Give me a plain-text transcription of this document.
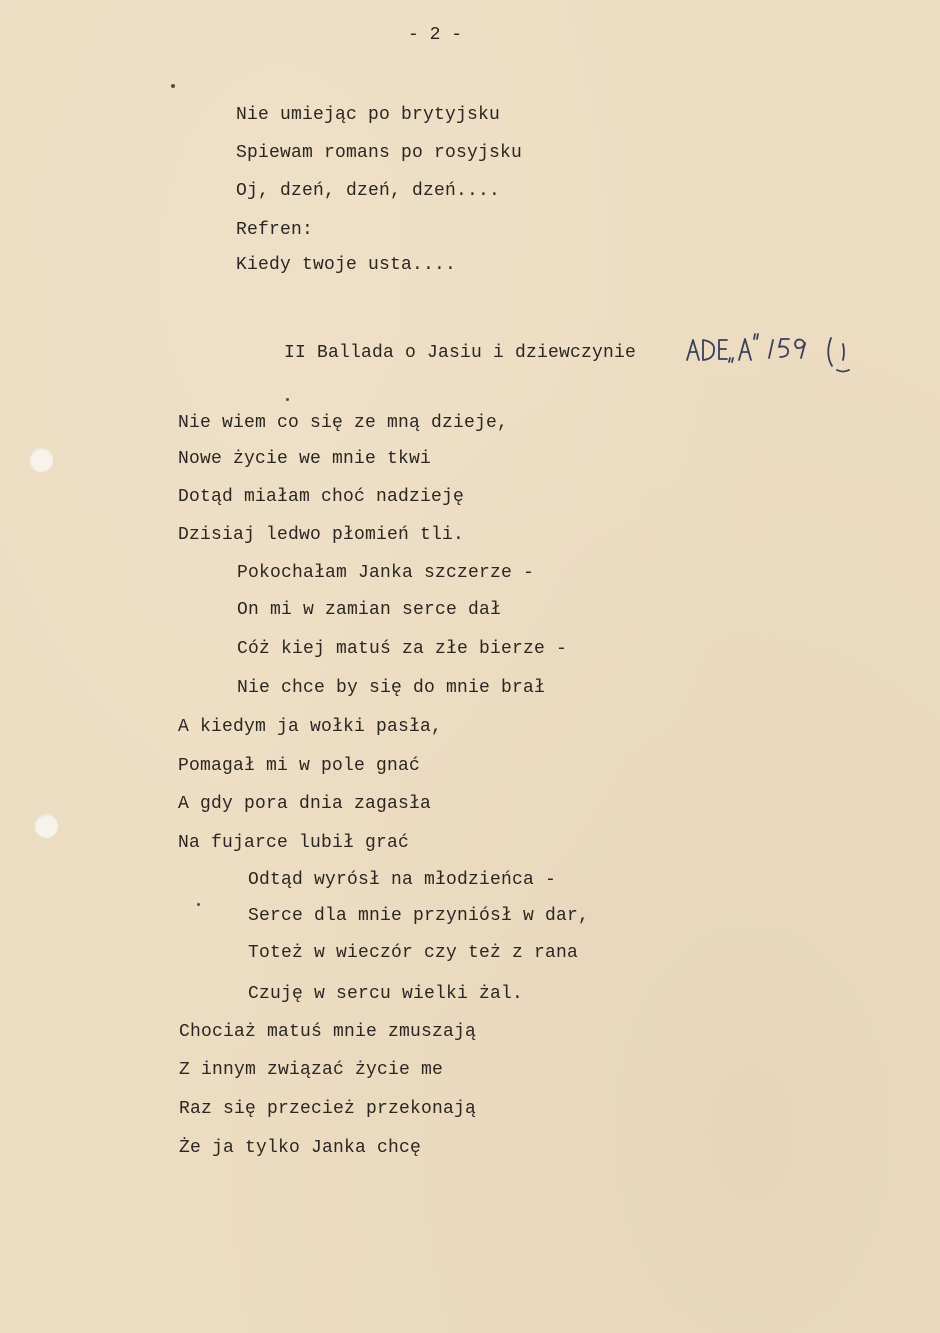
- 2 -
Nie umiejąc po brytyjsku
Spiewam romans po rosyjsku
Oj, dzeń, dzeń, dzeń....
Refren:
Kiedy twoje usta....
II Ballada o Jasiu i dziewczynie
Nie wiem co się ze mną dzieje,
Nowe życie we mnie tkwi
Dotąd miałam choć nadzieję
Dzisiaj ledwo płomień tli.
Pokochałam Janka szczerze -
On mi w zamian serce dał
Cóż kiej matuś za złe bierze -
Nie chce by się do mnie brał
A kiedym ja wołki pasła,
Pomagał mi w pole gnać
A gdy pora dnia zagasła
Na fujarce lubił grać
Odtąd wyrósł na młodzieńca -
Serce dla mnie przyniósł w dar,
Toteż w wieczór czy też z rana
Czuję w sercu wielki żal.
Chociaż matuś mnie zmuszają
Z innym związać życie me
Raz się przecież przekonają
Że ja tylko Janka chcę
